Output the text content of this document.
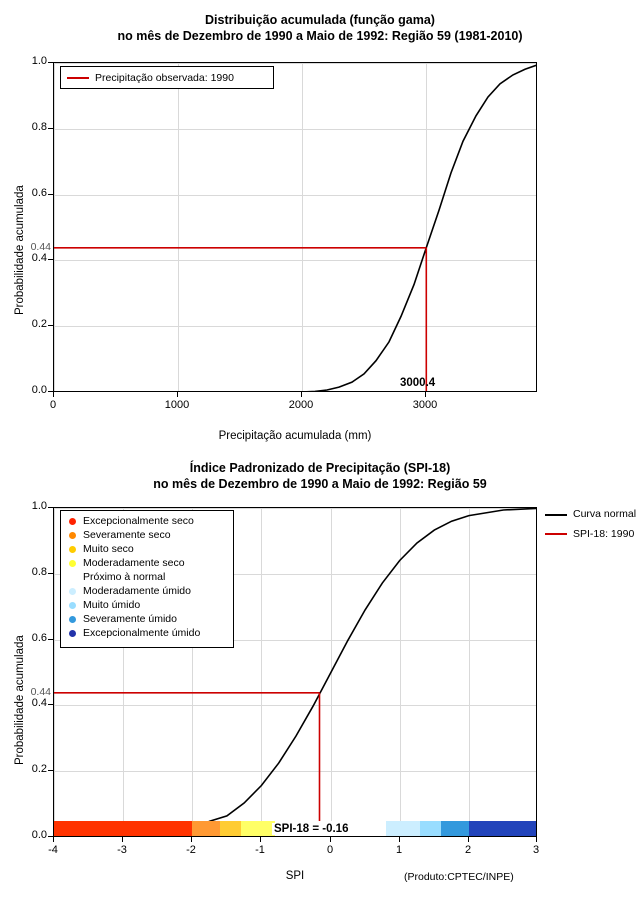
Distribuição acumulada (função gama)
no mês de Dezembro de 1990 a Maio de 1992: Região 59 (1981-2010)
Probabilidade acumulada 0.44
3000.4
0.0
0.2
0.4
0.6
0.8
1.0
0	1000	2000	3000
Precipitação acumulada (mm)
Precipitação observada: 1990
Índice Padronizado de Precipitação (SPI-18)
no mês de Dezembro de 1990 a Maio de 1992: Região 59
Probabilidade acumulada
SPI-18 = -0.16
0.44
0.0
0.2
0.4
0.6
0.8
1.0
-4	-3	-2	-1	0	1	2	3
SPI	(Produto:CPTEC/INPE)
Excepcionalmente seco
Severamente seco
Muito seco
Moderadamente seco
Próximo à normal
Moderadamente úmido
Muito úmido
Severamente úmido
Excepcionalmente úmido
Curva normal
SPI-18: 1990
